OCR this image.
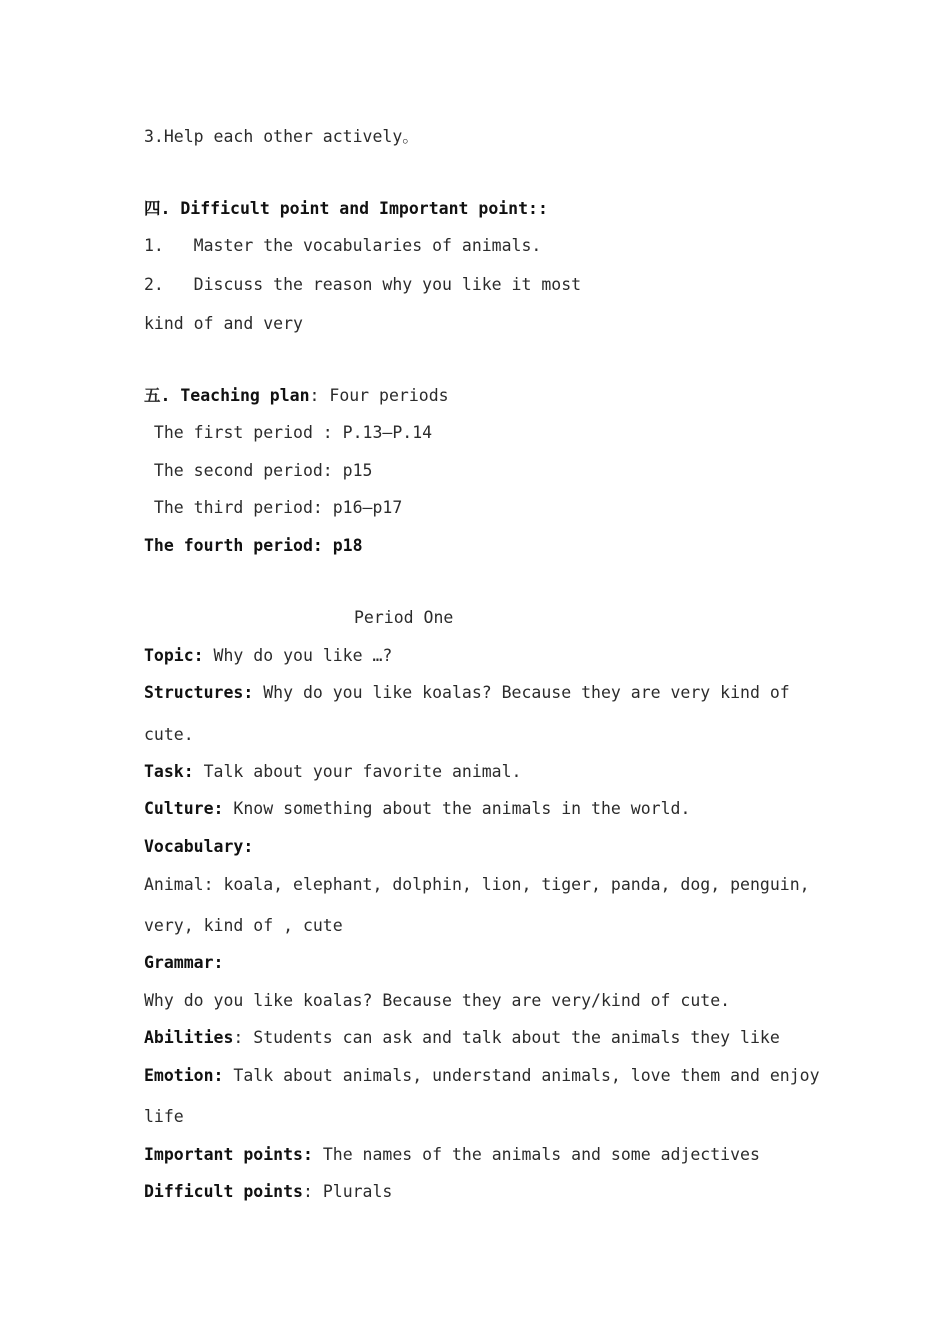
3.Help each other actively。
四. Difficult point and Important point::
1.   Master the vocabularies of animals.
2.   Discuss the reason why you like it most
kind of and very
五. Teaching plan: Four periods
The first period : P.13—P.14
The second period: p15
The third period: p16—p17
The fourth period: p18
Period One
Topic: Why do you like …?
Structures: Why do you like koalas? Because they are very kind of
cute.
Task: Talk about your favorite animal.
Culture: Know something about the animals in the world.
Vocabulary:
Animal: koala, elephant, dolphin, lion, tiger, panda, dog, penguin,
very, kind of , cute
Grammar:
Why do you like koalas? Because they are very/kind of cute.
Abilities: Students can ask and talk about the animals they like
Emotion: Talk about animals, understand animals, love them and enjoy
life
Important points: The names of the animals and some adjectives
Difficult points: Plurals
